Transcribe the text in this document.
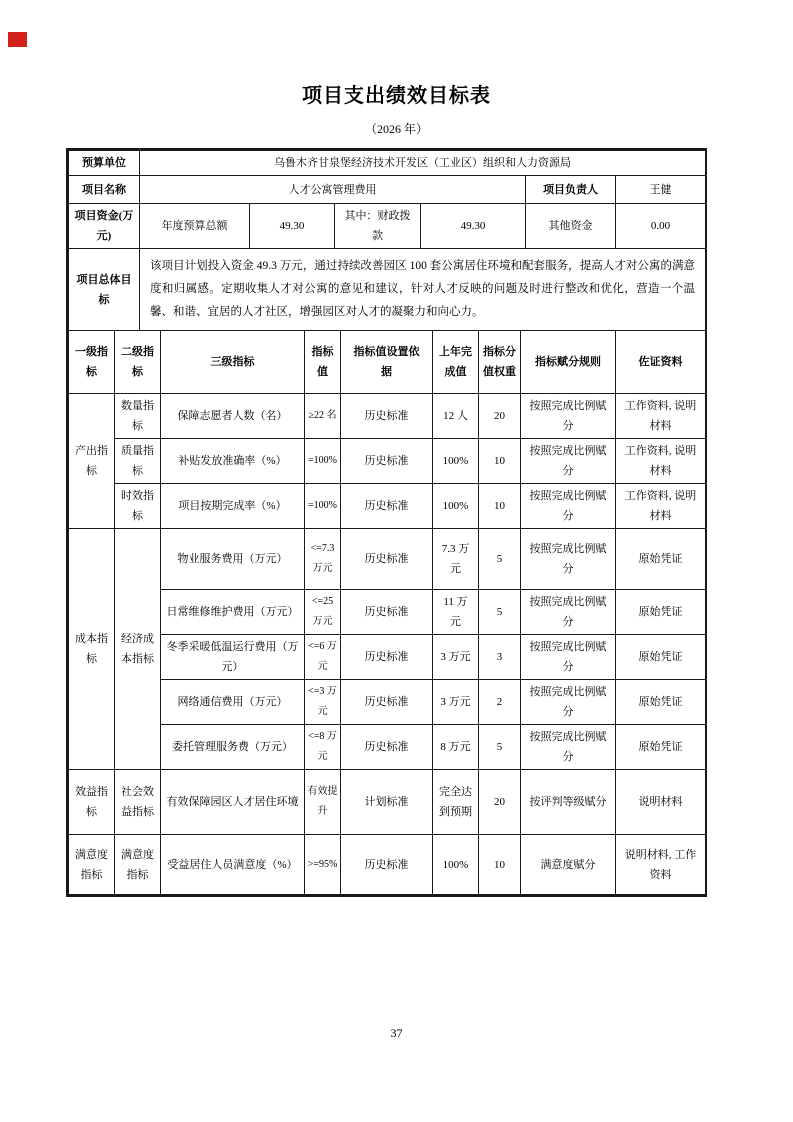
项目支出绩效目标表
（2026 年）
预算单位	乌鲁木齐甘泉堡经济技术开发区（工业区）组织和人力资源局					
项目名称	人才公寓管理费用				项目负责人	王健
项目资金(万元)	年度预算总额	49.30	其中：财政拨款	49.30	其他资金	0.00
项目总体目标	该项目计划投入资金 49.3 万元，通过持续改善园区 100 套公寓居住环境和配套服务，提高人才对公寓的满意度和归属感。定期收集人才对公寓的意见和建议，针对人才反映的问题及时进行整改和优化，营造一个温馨、和谐、宜居的人才社区，增强园区对人才的凝聚力和向心力。					
一级指标	二级指标	三级指标	指标值	指标值设置依据	上年完成值	指标分值权重	指标赋分规则	佐证资料
产出指标	数量指标	保障志愿者人数（名）	≥22 名	历史标准	12 人	20	按照完成比例赋分	工作资料, 说明材料
	质量指标	补贴发放准确率（%）	=100%	历史标准	100%	10	按照完成比例赋分	工作资料, 说明材料
	时效指标	项目按期完成率（%）	=100%	历史标准	100%	10	按照完成比例赋分	工作资料, 说明材料
成本指标	经济成本指标	物业服务费用（万元）	<=7.3 万元	历史标准	7.3 万元	5	按照完成比例赋分	原始凭证
		日常维修维护费用（万元）	<=25 万元	历史标准	11 万元	5	按照完成比例赋分	原始凭证
		冬季采暖低温运行费用（万元）	<=6 万元	历史标准	3 万元	3	按照完成比例赋分	原始凭证
		网络通信费用（万元）	<=3 万元	历史标准	3 万元	2	按照完成比例赋分	原始凭证
		委托管理服务费（万元）	<=8 万元	历史标准	8 万元	5	按照完成比例赋分	原始凭证
效益指标	社会效益指标	有效保障园区人才居住环境	有效提升	计划标准	完全达到预期	20	按评判等级赋分	说明材料
满意度指标	满意度指标	受益居住人员满意度（%）	>=95%	历史标准	100%	10	满意度赋分	说明材料, 工作资料
37
